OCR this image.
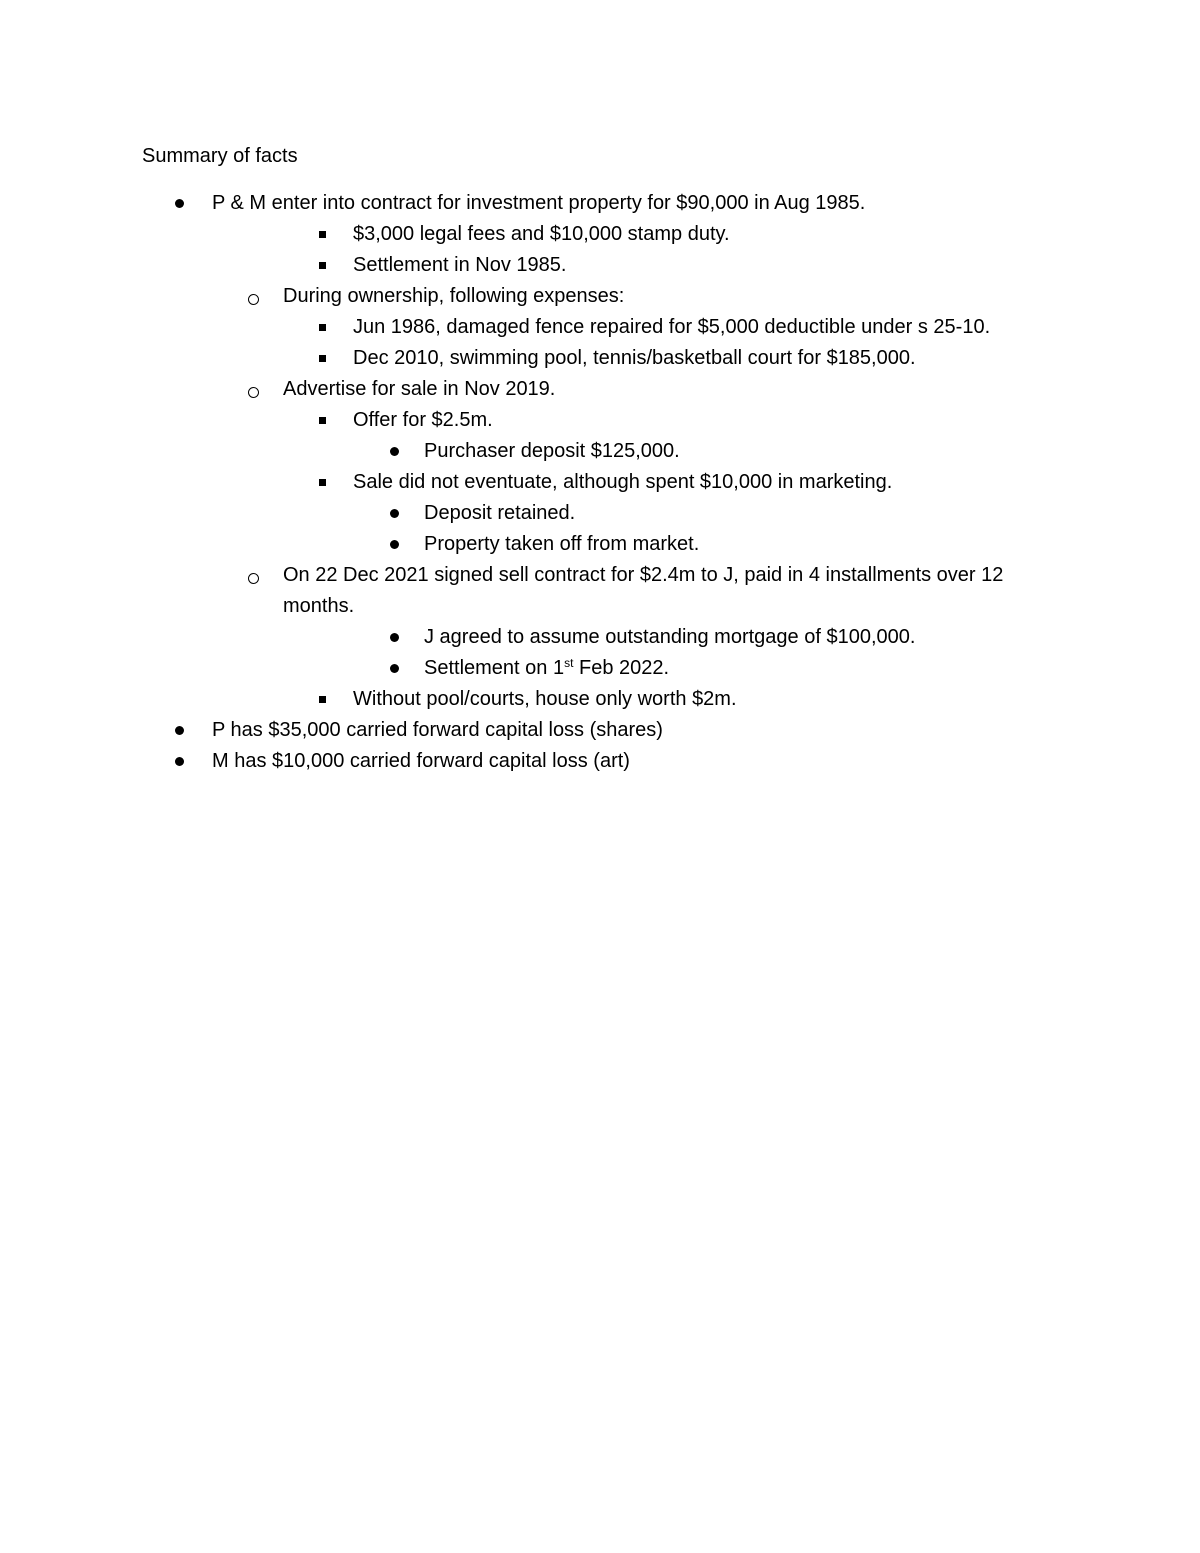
Summary of facts
P & M enter into contract for investment property for $90,000 in Aug 1985.
$3,000 legal fees and $10,000 stamp duty.
Settlement in Nov 1985.
During ownership, following expenses:
Jun 1986, damaged fence repaired for $5,000 deductible under s 25-10.
Dec 2010, swimming pool, tennis/basketball court for $185,000.
Advertise for sale in Nov 2019.
Offer for $2.5m.
Purchaser deposit $125,000.
Sale did not eventuate, although spent $10,000 in marketing.
Deposit retained.
Property taken off from market.
On 22 Dec 2021 signed sell contract for $2.4m to J, paid in 4 installments over 12
months.
J agreed to assume outstanding mortgage of $100,000.
Settlement on 1st Feb 2022.
Without pool/courts, house only worth $2m.
P has $35,000 carried forward capital loss (shares)
M has $10,000 carried forward capital loss (art)
